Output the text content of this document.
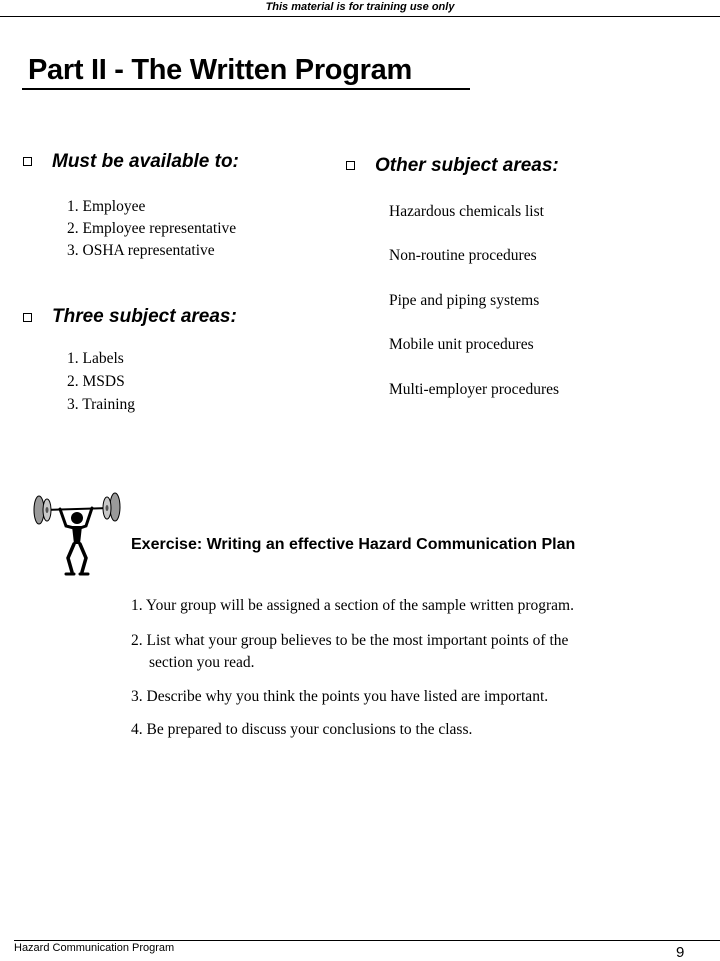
This material is for training use only
Part II - The Written Program
Must be available to:
1. Employee
2. Employee representative
3. OSHA representative
Three subject areas:
1. Labels
2. MSDS
3. Training
Other subject areas:
Hazardous chemicals list
Non-routine procedures
Pipe and piping systems
Mobile unit procedures
Multi-employer procedures
Exercise: Writing an effective Hazard Communication Plan
1. Your group will be assigned a section of the sample written program.
2. List what your group believes to be the most important points of the
section you read.
3. Describe why you think the points you have listed are important.
4. Be prepared to discuss your conclusions to the class.
Hazard Communication Program	9
